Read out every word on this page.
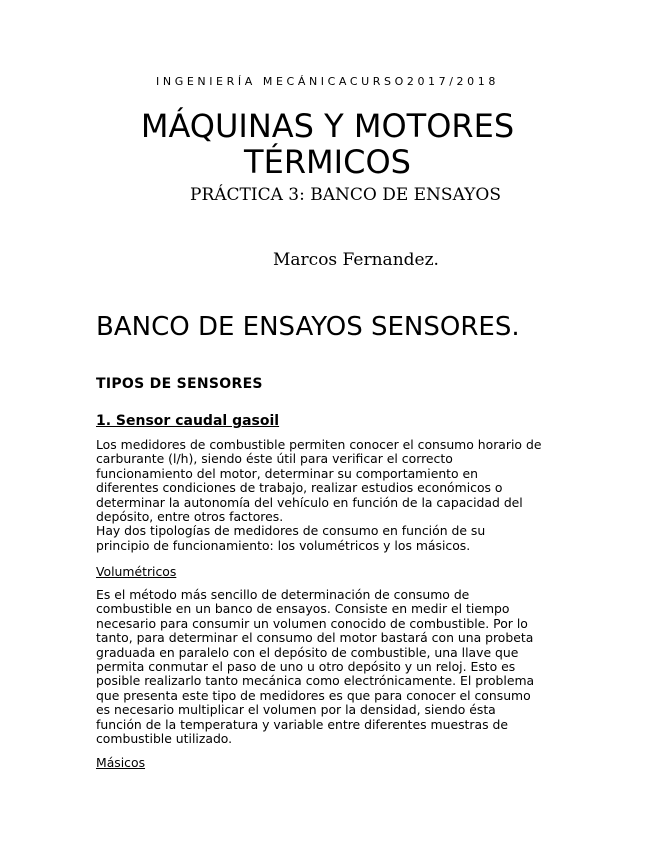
INGENIERÍA MECÁNICACURSO2017/2018
MÁQUINAS Y MOTORES
TÉRMICOS
PRÁCTICA 3: BANCO DE ENSAYOS
Marcos Fernandez.
BANCO DE ENSAYOS SENSORES.
TIPOS DE SENSORES
1. Sensor caudal gasoil
Los medidores de combustible permiten conocer el consumo horario de
carburante (l/h), siendo éste útil para verificar el correcto
funcionamiento del motor, determinar su comportamiento en
diferentes condiciones de trabajo, realizar estudios económicos o
determinar la autonomía del vehículo en función de la capacidad del
depósito, entre otros factores.
Hay dos tipologías de medidores de consumo en función de su
principio de funcionamiento: los volumétricos y los másicos.
Volumétricos
Es el método más sencillo de determinación de consumo de
combustible en un banco de ensayos. Consiste en medir el tiempo
necesario para consumir un volumen conocido de combustible. Por lo
tanto, para determinar el consumo del motor bastará con una probeta
graduada en paralelo con el depósito de combustible, una llave que
permita conmutar el paso de uno u otro depósito y un reloj. Esto es
posible realizarlo tanto mecánica como electrónicamente. El problema
que presenta este tipo de medidores es que para conocer el consumo
es necesario multiplicar el volumen por la densidad, siendo ésta
función de la temperatura y variable entre diferentes muestras de
combustible utilizado.
Másicos
